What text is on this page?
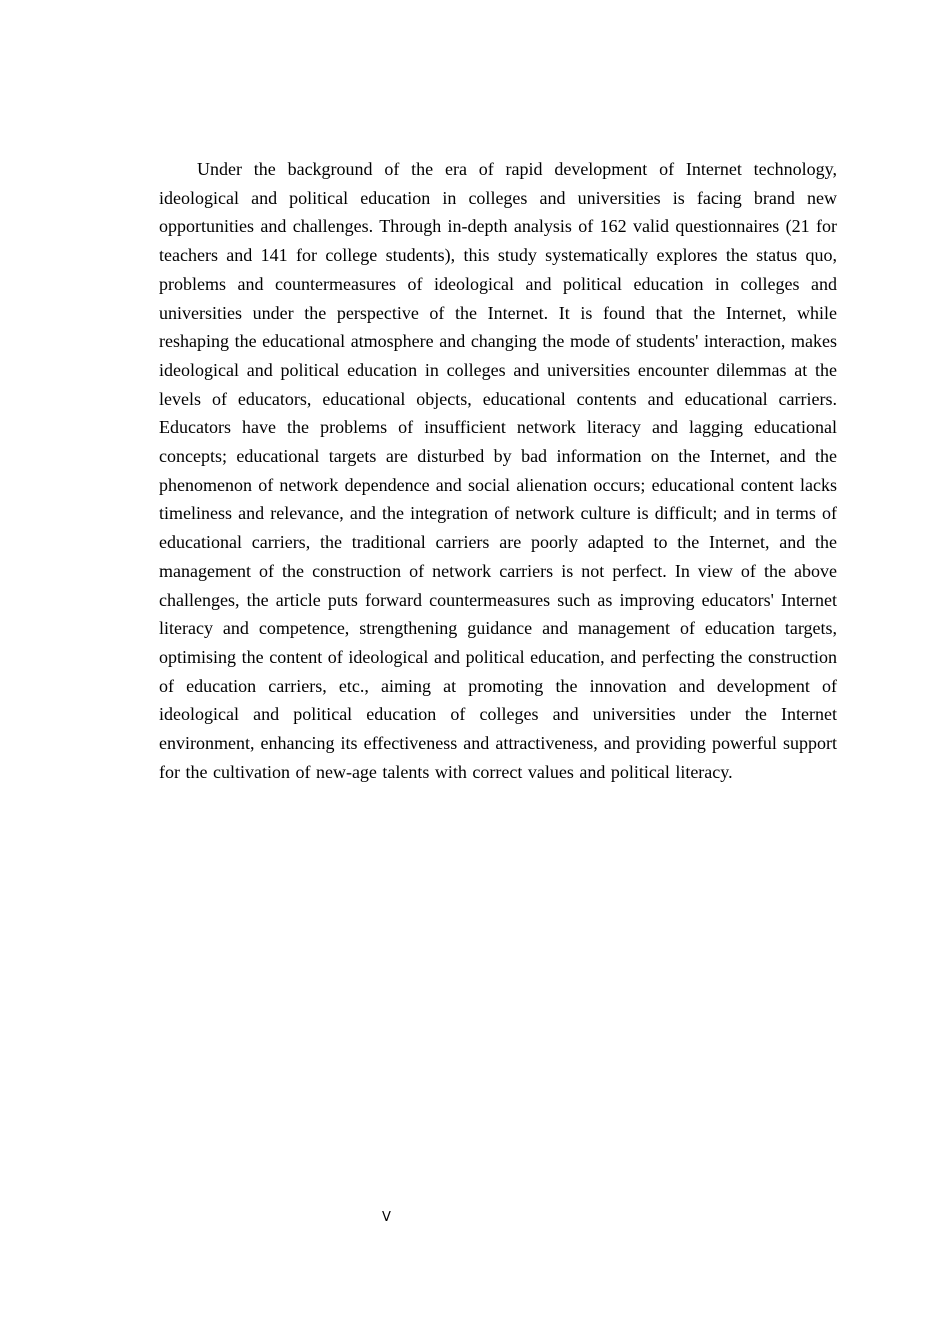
Under the background of the era of rapid development of Internet technology, ideological and political education in colleges and universities is facing brand new opportunities and challenges. Through in-depth analysis of 162 valid questionnaires (21 for teachers and 141 for college students), this study systematically explores the status quo, problems and countermeasures of ideological and political education in colleges and universities under the perspective of the Internet. It is found that the Internet, while reshaping the educational atmosphere and changing the mode of students' interaction, makes ideological and political education in colleges and universities encounter dilemmas at the levels of educators, educational objects, educational contents and educational carriers. Educators have the problems of insufficient network literacy and lagging educational concepts; educational targets are disturbed by bad information on the Internet, and the phenomenon of network dependence and social alienation occurs; educational content lacks timeliness and relevance, and the integration of network culture is difficult; and in terms of educational carriers, the traditional carriers are poorly adapted to the Internet, and the management of the construction of network carriers is not perfect. In view of the above challenges, the article puts forward countermeasures such as improving educators' Internet literacy and competence, strengthening guidance and management of education targets, optimising the content of ideological and political education, and perfecting the construction of education carriers, etc., aiming at promoting the innovation and development of ideological and political education of colleges and universities under the Internet environment, enhancing its effectiveness and attractiveness, and providing powerful support for the cultivation of new-age talents with correct values and political literacy.

V
